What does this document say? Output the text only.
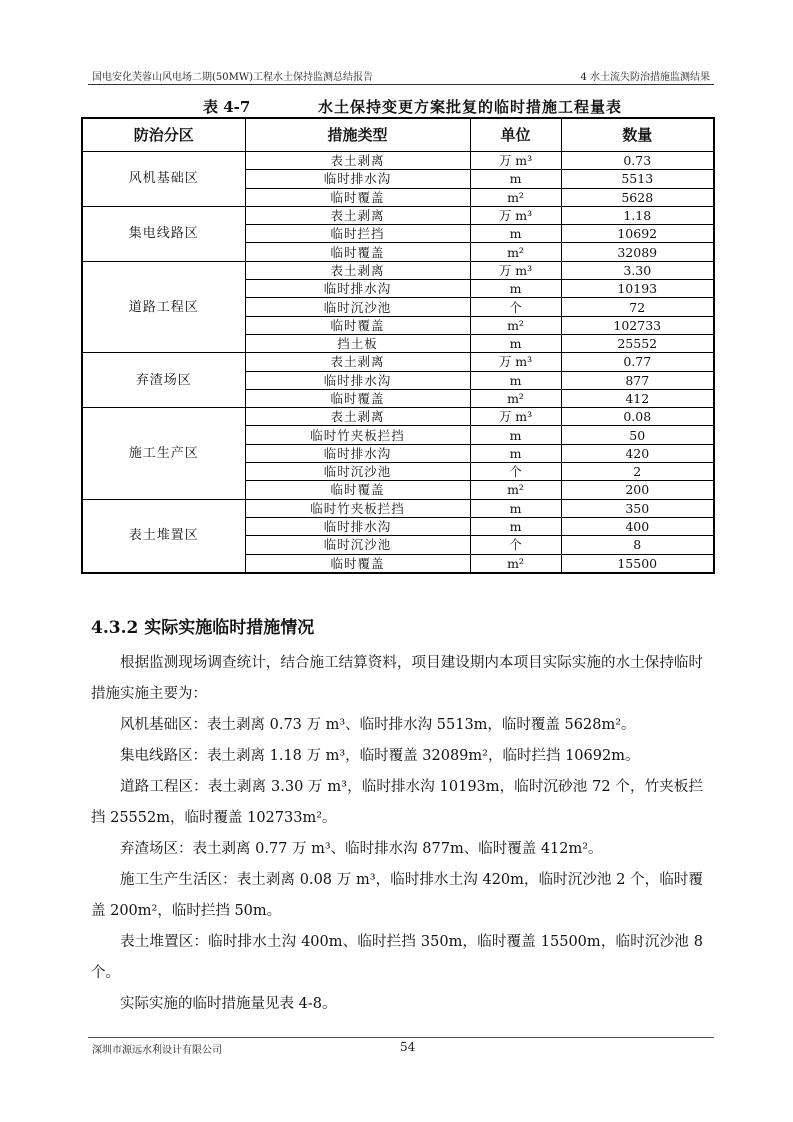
国电安化芙蓉山风电场二期(50MW)工程水土保持监测总结报告	4 水土流失防治措施监测结果
表 4-7	水土保持变更方案批复的临时措施工程量表
防治分区	措施类型	单位	数量
风机基础区	表土剥离	万 m³	0.73
	临时排水沟	m	5513
	临时覆盖	m²	5628
集电线路区	表土剥离	万 m³	1.18
	临时拦挡	m	10692
	临时覆盖	m²	32089
道路工程区	表土剥离	万 m³	3.30
	临时排水沟	m	10193
	临时沉沙池	个	72
	临时覆盖	m²	102733
	挡土板	m	25552
弃渣场区	表土剥离	万 m³	0.77
	临时排水沟	m	877
	临时覆盖	m²	412
施工生产区	表土剥离	万 m³	0.08
	临时竹夹板拦挡	m	50
	临时排水沟	m	420
	临时沉沙池	个	2
	临时覆盖	m²	200
表土堆置区	临时竹夹板拦挡	m	350
	临时排水沟	m	400
	临时沉沙池	个	8
	临时覆盖	m²	15500
4.3.2 实际实施临时措施情况

根据监测现场调查统计，结合施工结算资料，项目建设期内本项目实际实施的水土保持临时措施实施主要为：

风机基础区：表土剥离 0.73 万 m³、临时排水沟 5513m，临时覆盖 5628m²。

集电线路区：表土剥离 1.18 万 m³，临时覆盖 32089m²，临时拦挡 10692m。

道路工程区：表土剥离 3.30 万 m³，临时排水沟 10193m，临时沉砂池 72 个，竹夹板拦挡 25552m，临时覆盖 102733m²。

弃渣场区：表土剥离 0.77 万 m³、临时排水沟 877m、临时覆盖 412m²。

施工生产生活区：表土剥离 0.08 万 m³，临时排水土沟 420m，临时沉沙池 2 个，临时覆盖 200m²，临时拦挡 50m。

表土堆置区：临时排水土沟 400m、临时拦挡 350m，临时覆盖 15500m，临时沉沙池 8 个。

实际实施的临时措施量见表 4-8。

深圳市源远水利设计有限公司	54
